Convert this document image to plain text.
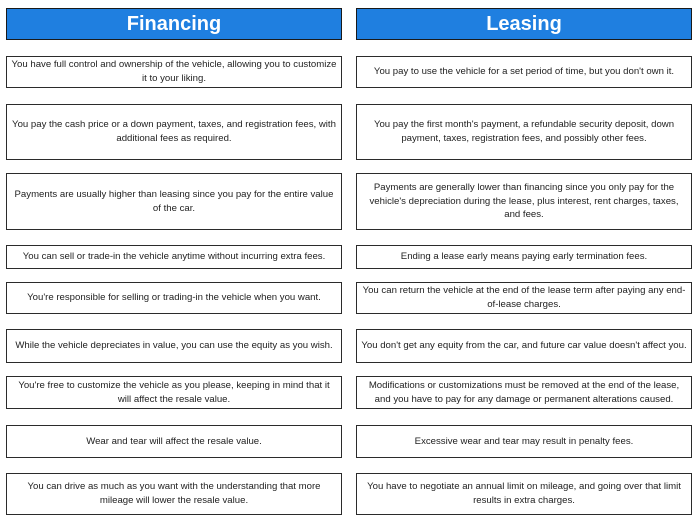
Financing
You have full control and ownership of the vehicle, allowing you to customize it to your liking.
You pay the cash price or a down payment, taxes, and registration fees, with additional fees as required.
Payments are usually higher than leasing since you pay for the entire value of the car.
You can sell or trade-in the vehicle anytime without incurring extra fees.
You're responsible for selling or trading-in the vehicle when you want.
While the vehicle depreciates in value, you can use the equity as you wish.
You're free to customize the vehicle as you please, keeping in mind that it will affect the resale value.
Wear and tear will affect the resale value.
You can drive as much as you want with the understanding that more mileage will lower the resale value.
Leasing
You pay to use the vehicle for a set period of time, but you don't own it.
You pay the first month's payment, a refundable security deposit, down payment, taxes, registration fees, and possibly other fees.
Payments are generally lower than financing since you only pay for the vehicle's depreciation during the lease, plus interest, rent charges, taxes, and fees.
Ending a lease early means paying early termination fees.
You can return the vehicle at the end of the lease term after paying any end-of-lease charges.
You don't get any equity from the car, and future car value doesn't affect you.
Modifications or customizations must be removed at the end of the lease, and you have to pay for any damage or permanent alterations caused.
Excessive wear and tear may result in penalty fees.
You have to negotiate an annual limit on mileage, and going over that limit results in extra charges.
